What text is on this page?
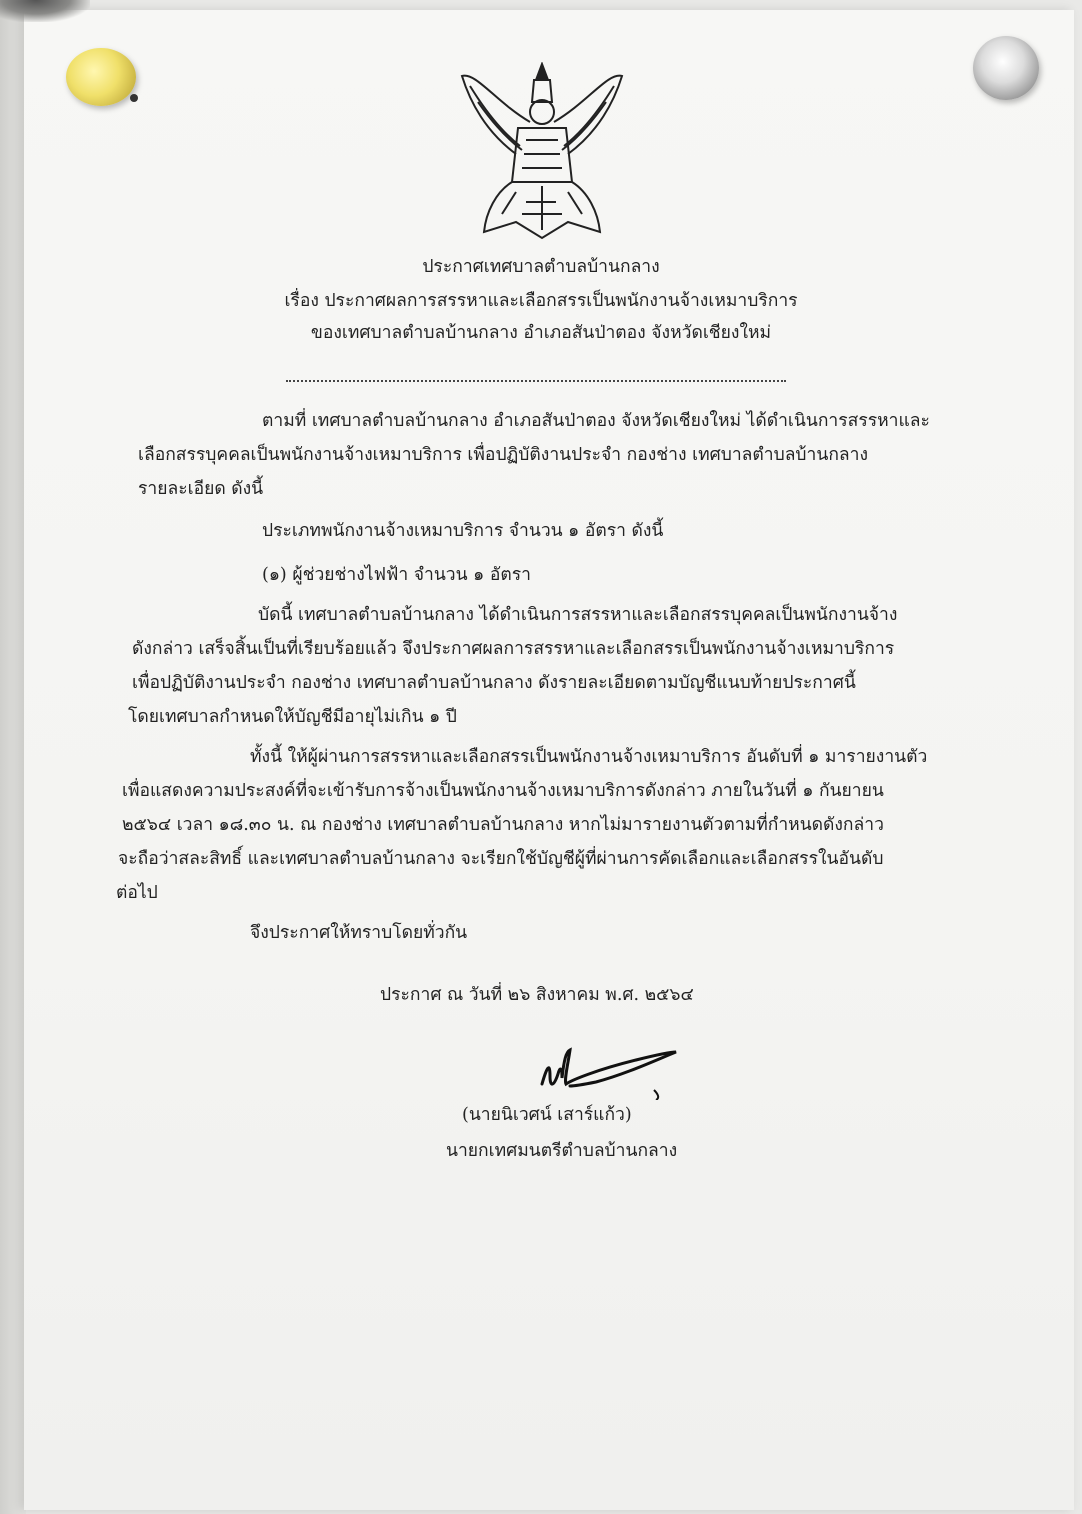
ประกาศเทศบาลตำบลบ้านกลาง
เรื่อง ประกาศผลการสรรหาและเลือกสรรเป็นพนักงานจ้างเหมาบริการ
ของเทศบาลตำบลบ้านกลาง อำเภอสันป่าตอง จังหวัดเชียงใหม่
ตามที่ เทศบาลตำบลบ้านกลาง อำเภอสันป่าตอง จังหวัดเชียงใหม่ ได้ดำเนินการสรรหาและ
เลือกสรรบุคคลเป็นพนักงานจ้างเหมาบริการ เพื่อปฏิบัติงานประจำ กองช่าง เทศบาลตำบลบ้านกลาง
รายละเอียด ดังนี้
ประเภทพนักงานจ้างเหมาบริการ จำนวน ๑ อัตรา ดังนี้
(๑) ผู้ช่วยช่างไฟฟ้า จำนวน ๑ อัตรา
บัดนี้ เทศบาลตำบลบ้านกลาง ได้ดำเนินการสรรหาและเลือกสรรบุคคลเป็นพนักงานจ้าง
ดังกล่าว เสร็จสิ้นเป็นที่เรียบร้อยแล้ว จึงประกาศผลการสรรหาและเลือกสรรเป็นพนักงานจ้างเหมาบริการ
เพื่อปฏิบัติงานประจำ กองช่าง เทศบาลตำบลบ้านกลาง ดังรายละเอียดตามบัญชีแนบท้ายประกาศนี้
โดยเทศบาลกำหนดให้บัญชีมีอายุไม่เกิน ๑ ปี
ทั้งนี้ ให้ผู้ผ่านการสรรหาและเลือกสรรเป็นพนักงานจ้างเหมาบริการ อันดับที่ ๑ มารายงานตัว
เพื่อแสดงความประสงค์ที่จะเข้ารับการจ้างเป็นพนักงานจ้างเหมาบริการดังกล่าว ภายในวันที่ ๑ กันยายน
๒๕๖๔ เวลา ๑๘.๓๐ น. ณ กองช่าง เทศบาลตำบลบ้านกลาง หากไม่มารายงานตัวตามที่กำหนดดังกล่าว
จะถือว่าสละสิทธิ์ และเทศบาลตำบลบ้านกลาง จะเรียกใช้บัญชีผู้ที่ผ่านการคัดเลือกและเลือกสรรในอันดับ
ต่อไป
จึงประกาศให้ทราบโดยทั่วกัน
ประกาศ ณ วันที่ ๒๖ สิงหาคม พ.ศ. ๒๕๖๔
(นายนิเวศน์ เสาร์แก้ว)
นายกเทศมนตรีตำบลบ้านกลาง
